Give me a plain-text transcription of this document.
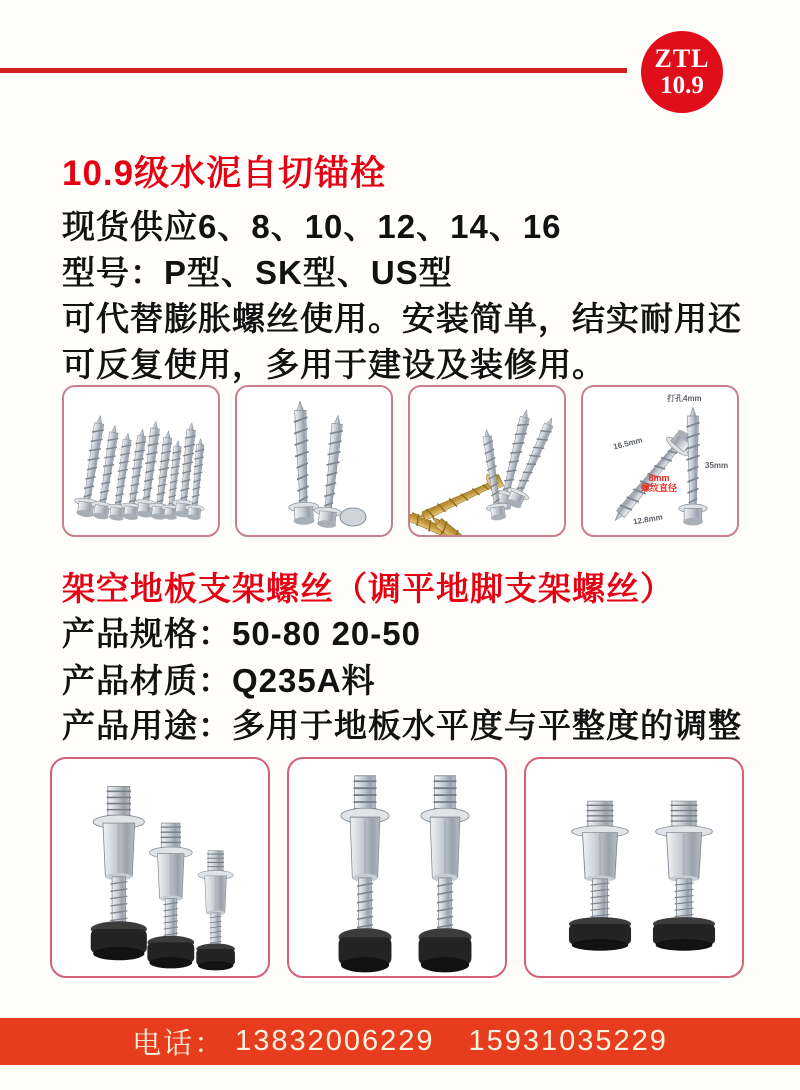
ZTL
10.9
10.9级水泥自切锚栓
现货供应6、8、10、12、14、16
型号：P型、SK型、US型
可代替膨胀螺丝使用。安装简单，结实耐用还
可反复使用，多用于建设及装修用。
打孔4mm
16.5mm
35mm
12.8mm
8mm
螺纹直径
架空地板支架螺丝（调平地脚支架螺丝）
产品规格：50-80 20-50
产品材质：Q235A料
产品用途：多用于地板水平度与平整度的调整
电话： 13832006229 15931035229
